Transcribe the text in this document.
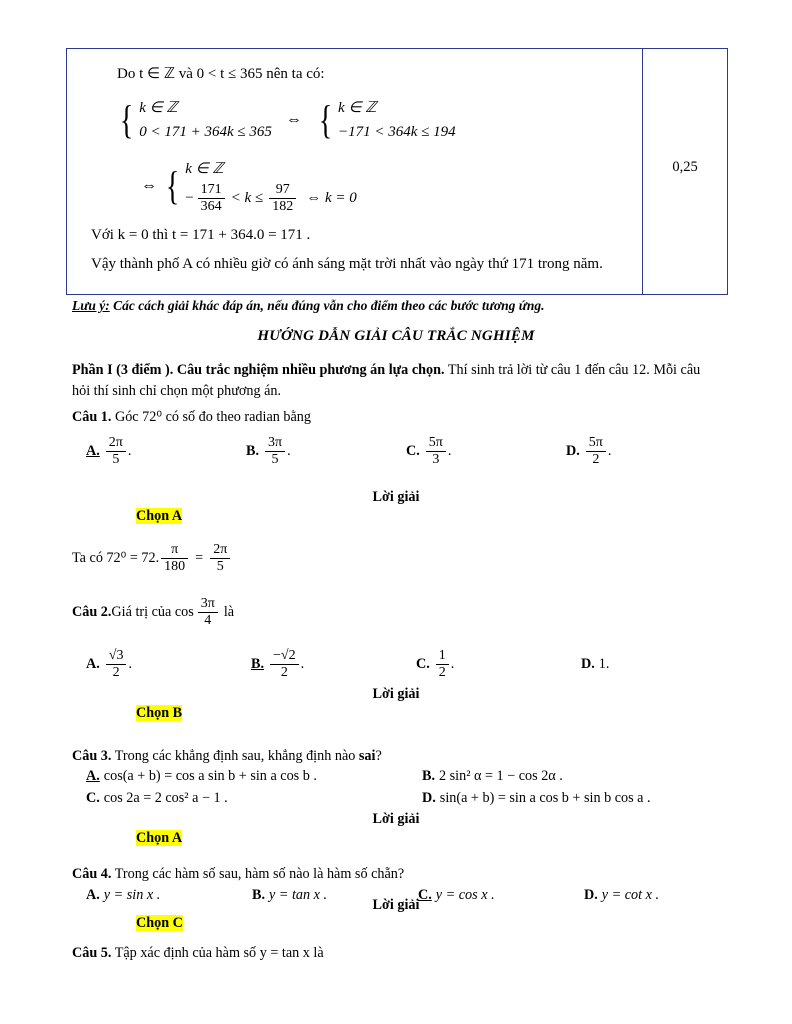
Do t ∈ ℤ và 0 < t ≤ 365 nên ta có:
{ k ∈ ℤ
0 < 171 + 364k ≤ 365
⇔ { k ∈ ℤ
−171 < 364k ≤ 194
⇔ { k ∈ ℤ
− $\frac{171}{364} < k \le \frac{97}{182}$ ⇔ k = 0
Với k = 0 thì t = 171 + 364.0 = 171 .
Vậy thành phố A có nhiều giờ có ánh sáng mặt trời nhất vào ngày thứ 171 trong năm.
0,25
Lưu ý: Các cách giải khác đáp án, nếu đúng vẫn cho điểm theo các bước tương ứng.
HƯỚNG DẪN GIẢI CÂU TRẮC NGHIỆM
Phần I (3 điểm ). Câu trắc nghiệm nhiều phương án lựa chọn. Thí sinh trả lời từ câu 1 đến câu 12. Mỗi câu hỏi thí sinh chỉ chọn một phương án.
Câu 1. Góc 72⁰ có số đo theo radian bằng
A. $\frac{2\pi}{5}$ .	B. $\frac{3\pi}{5}$ .	C. $\frac{5\pi}{3}$ .	D. $\frac{5\pi}{2}$ .
Lời giải
Chọn A
Ta có 72⁰ = 72. $\frac{\pi}{180} = \frac{2\pi}{5}$
Câu 2. Giá trị của $\cos \frac{3\pi}{4}$ là
A. $\frac{√3}{2}$ .	B. $\frac{-√2}{2}$ .	C. $\frac{1}{2}$ .	D. 1.
Lời giải
Chọn B
Câu 3. Trong các khẳng định sau, khẳng định nào sai?
A. cos(a + b) = cos a sin b + sin a cos b .	B. 2 sin² α = 1 − cos 2α .
C. cos 2a = 2 cos² a − 1 .	D. sin(a + b) = sin a cos b + sin b cos a .
Lời giải
Chọn A
Câu 4. Trong các hàm số sau, hàm số nào là hàm số chẵn?
A. y = sin x .	B. y = tan x .	C. y = cos x .	D. y = cot x .
Lời giải
Chọn C
Câu 5. Tập xác định của hàm số y = tan x là
